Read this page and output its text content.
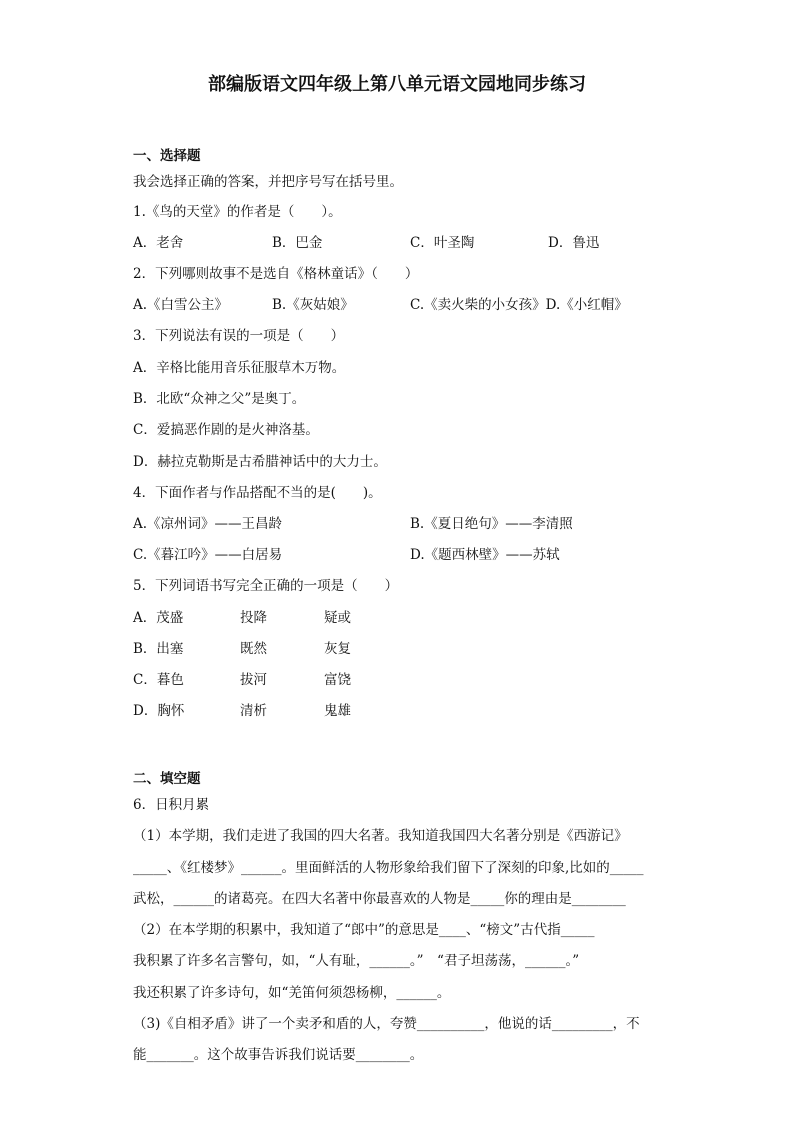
部编版语文四年级上第八单元语文园地同步练习
一、选择题
我会选择正确的答案，并把序号写在括号里。
1.《鸟的天堂》的作者是（　　）。
A．老舍	B．巴金	C．叶圣陶	D．鲁迅
2．下列哪则故事不是选自《格林童话》（　　）
A.《白雪公主》	B.《灰姑娘》	C.《卖火柴的小女孩》D.《小红帽》
3．下列说法有误的一项是（　　）
A．辛格比能用音乐征服草木万物。
B．北欧“众神之父”是奥丁。
C．爱搞恶作剧的是火神洛基。
D．赫拉克勒斯是古希腊神话中的大力士。
4．下面作者与作品搭配不当的是(　　)。
A.《凉州词》——王昌龄	B.《夏日绝句》——李清照
C.《暮江吟》——白居易	D.《题西林壁》——苏轼
5．下列词语书写完全正确的一项是（　　）
A．茂盛	投降	疑或
B．出塞	既然	灰复
C．暮色	拔河	富饶
D．胸怀	清析	鬼雄
二、填空题
6．日积月累
（1）本学期，我们走进了我国的四大名著。我知道我国四大名著分别是《西游记》
_____、《红楼梦》______。里面鲜活的人物形象给我们留下了深刻的印象,比如的_____
武松，______的诸葛亮。在四大名著中你最喜欢的人物是_____你的理由是________
（2）在本学期的积累中，我知道了“郎中”的意思是____、“榜文”古代指_____
我积累了许多名言警句，如，“人有耻，______。”　“君子坦荡荡，______。”
我还积累了许多诗句，如“羌笛何须怨杨柳，______。
（3)《自相矛盾》讲了一个卖矛和盾的人，夸赞__________，他说的话_________，不
能_______。这个故事告诉我们说话要________。
